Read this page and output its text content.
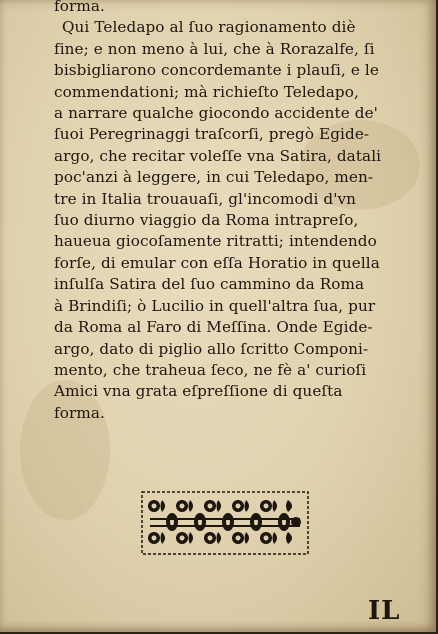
forma.
Qui Teledapo al ſuo ragionamento diè
fine; e non meno à lui, che à Rorazalfe, ſi
bisbigliarono concordemante i plauſi, e le
commendationi; mà richieſto Teledapo,
a narrare qualche giocondo accidente de'
ſuoi Peregrinaggi traſcorſi, pregò Egide-
argo, che recitar voleſſe vna Satira, datali
poc'anzi à leggere, in cui Teledapo, men-
tre in Italia trouauaſi, gl'incomodi d'vn
ſuo diurno viaggio da Roma intrapreſo,
haueua giocoſamente ritratti; intendendo
forſe, di emular con eſſa Horatio in quella
inſulſa Satira del ſuo cammino da Roma
à Brindiſi; ò Lucilio in quell'altra ſua, pur
da Roma al Faro di Meſſina. Onde Egide-
argo, dato di piglio allo ſcritto Componi-
mento, che traheua ſeco, ne fè a' curioſi
Amici vna grata eſpreſſione di queſta
forma.
IL
